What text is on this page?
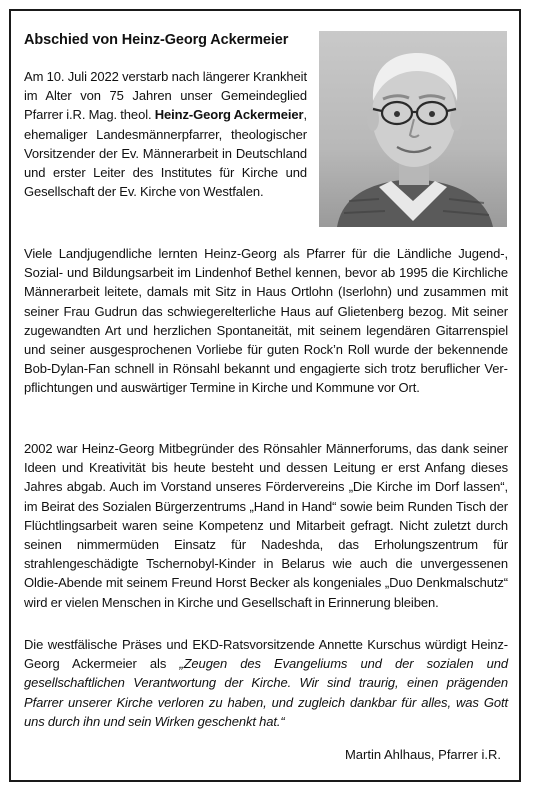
Abschied von Heinz-Georg Ackermeier
Am 10. Juli 2022 verstarb nach längerer Krankheit im Alter von 75 Jahren unser Gemeindeglied Pfarrer i.R. Mag. theol. Heinz-Georg Ackermeier, ehemaliger Landesmännerpfarrer, theologischer Vorsitzender der Ev. Männerarbeit in Deutschland und erster Leiter des Institutes für Kirche und Gesellschaft der Ev. Kirche von Westfalen.
Viele Landjugendliche lernten Heinz-Georg als Pfarrer für die Ländliche Jugend-, Sozial- und Bildungsarbeit im Lindenhof Bethel kennen, bevor ab 1995 die Kirchliche Männerarbeit leitete, damals mit Sitz in Haus Ortlohn (Iserlohn) und zusammen mit seiner Frau Gudrun das schwiegerelterliche Haus auf Glietenberg bezog. Mit seiner zugewandten Art und herzlichen Spontaneität, mit seinem legendären Gitarrenspiel und seiner ausgesprochenen Vorliebe für guten Rock’n Roll wurde der bekennende Bob-Dylan-Fan schnell in Rönsahl bekannt und engagierte sich trotz beruflicher Verpflichtungen und auswärtiger Termine in Kirche und Kommune vor Ort.
2002 war Heinz-Georg Mitbegründer des Rönsahler Männerforums, das dank seiner Ideen und Kreativität bis heute besteht und dessen Leitung er erst Anfang dieses Jahres abgab. Auch im Vorstand unseres Fördervereins „Die Kirche im Dorf lassen“, im Beirat des Sozialen Bürgerzentrums „Hand in Hand“ sowie beim Runden Tisch der Flüchtlingsarbeit waren seine Kompetenz und Mitarbeit gefragt. Nicht zuletzt durch seinen nimmermüden Einsatz für Nadeshda, das Erholungszentrum für strahlengeschädigte Tschernobyl-Kinder in Belarus wie auch die unvergessenen Oldie-Abende mit seinem Freund Horst Becker als kongeniales „Duo Denkmalschutz“ wird er vielen Menschen in Kirche und Gesellschaft in Erinnerung bleiben.
Die westfälische Präses und EKD-Ratsvorsitzende Annette Kurschus würdigt Heinz-Georg Ackermeier als „Zeugen des Evangeliums und der sozialen und gesellschaftlichen Verantwortung der Kirche. Wir sind traurig, einen prägenden Pfarrer unserer Kirche verloren zu haben, und zugleich dankbar für alles, was Gott uns durch ihn und sein Wirken geschenkt hat.“
Martin Ahlhaus, Pfarrer i.R.
